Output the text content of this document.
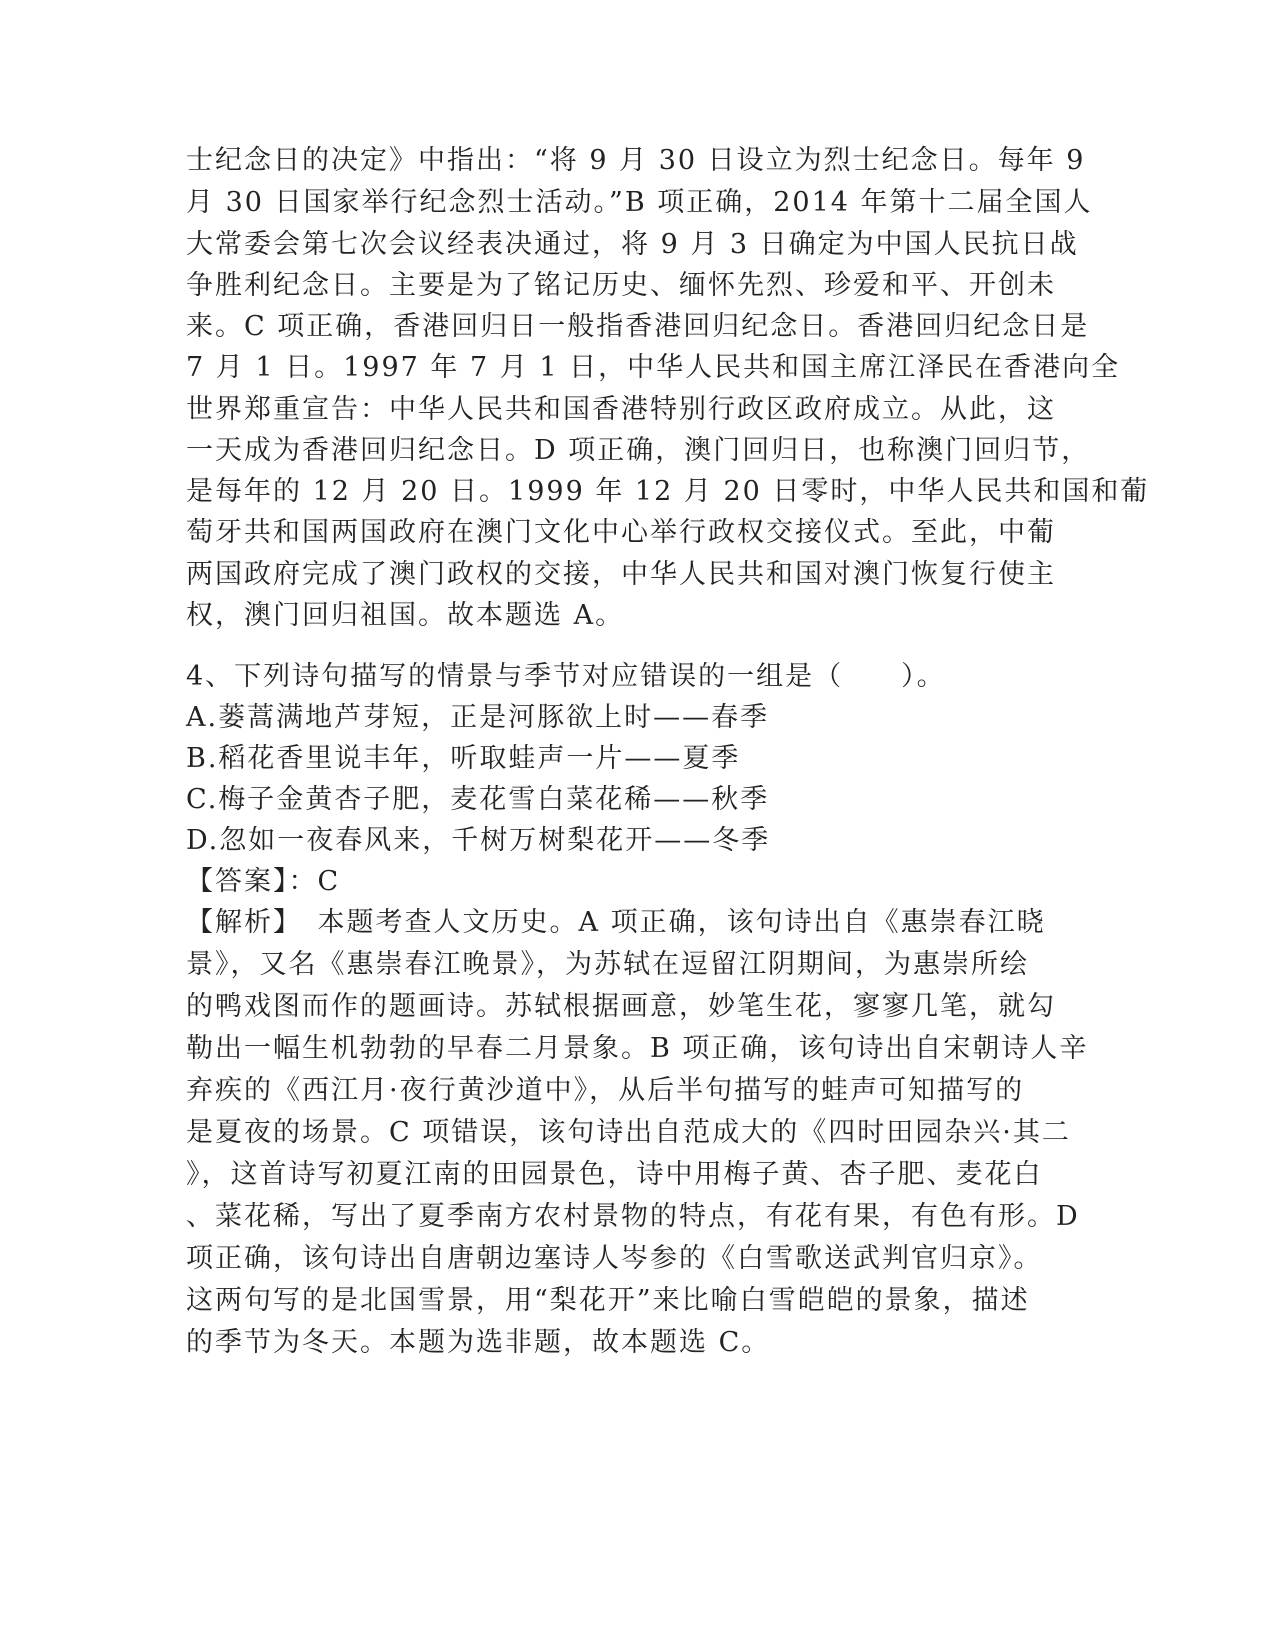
士纪念日的决定》中指出：“将 9 月 30 日设立为烈士纪念日。每年 9
月 30 日国家举行纪念烈士活动。”B 项正确，2014 年第十二届全国人
大常委会第七次会议经表决通过，将 9 月 3 日确定为中国人民抗日战
争胜利纪念日。主要是为了铭记历史、缅怀先烈、珍爱和平、开创未
来。C 项正确，香港回归日一般指香港回归纪念日。香港回归纪念日是
7 月 1 日。1997 年 7 月 1 日，中华人民共和国主席江泽民在香港向全
世界郑重宣告：中华人民共和国香港特别行政区政府成立。从此，这
一天成为香港回归纪念日。D 项正确，澳门回归日，也称澳门回归节，
是每年的 12 月 20 日。1999 年 12 月 20 日零时，中华人民共和国和葡
萄牙共和国两国政府在澳门文化中心举行政权交接仪式。至此，中葡
两国政府完成了澳门政权的交接，中华人民共和国对澳门恢复行使主
权，澳门回归祖国。故本题选 A。
4、下列诗句描写的情景与季节对应错误的一组是（　　）。
A.蒌蒿满地芦芽短，正是河豚欲上时——春季
B.稻花香里说丰年，听取蛙声一片——夏季
C.梅子金黄杏子肥，麦花雪白菜花稀——秋季
D.忽如一夜春风来，千树万树梨花开——冬季
【答案】：C
【解析】　本题考查人文历史。A 项正确，该句诗出自《惠崇春江晓
景》，又名《惠崇春江晚景》，为苏轼在逗留江阴期间，为惠崇所绘
的鸭戏图而作的题画诗。苏轼根据画意，妙笔生花，寥寥几笔，就勾
勒出一幅生机勃勃的早春二月景象。B 项正确，该句诗出自宋朝诗人辛
弃疾的《西江月·夜行黄沙道中》，从后半句描写的蛙声可知描写的
是夏夜的场景。C 项错误，该句诗出自范成大的《四时田园杂兴·其二
》，这首诗写初夏江南的田园景色，诗中用梅子黄、杏子肥、麦花白
、菜花稀，写出了夏季南方农村景物的特点，有花有果，有色有形。D
项正确，该句诗出自唐朝边塞诗人岑参的《白雪歌送武判官归京》。
这两句写的是北国雪景，用“梨花开”来比喻白雪皑皑的景象，描述
的季节为冬天。本题为选非题，故本题选 C。
